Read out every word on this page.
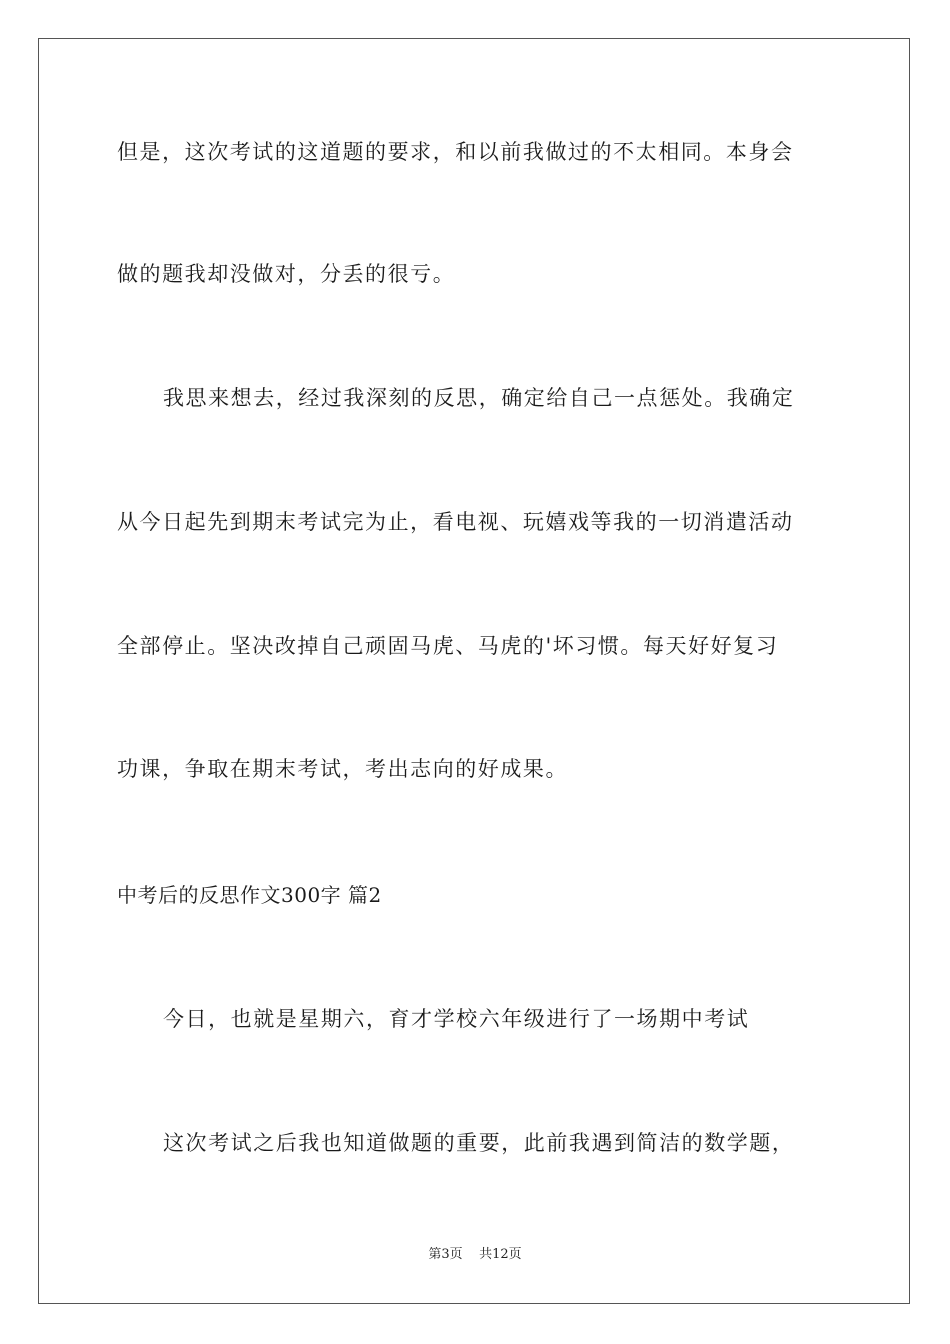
但是，这次考试的这道题的要求，和以前我做过的不太相同。本身会
做的题我却没做对，分丢的很亏。
我思来想去，经过我深刻的反思，确定给自己一点惩处。我确定
从今日起先到期末考试完为止，看电视、玩嬉戏等我的一切消遣活动
全部停止。坚决改掉自己顽固马虎、马虎的'坏习惯。每天好好复习
功课，争取在期末考试，考出志向的好成果。
中考后的反思作文300字 篇2
今日，也就是星期六，育才学校六年级进行了一场期中考试
这次考试之后我也知道做题的重要，此前我遇到简洁的数学题，
第3页 共12页
